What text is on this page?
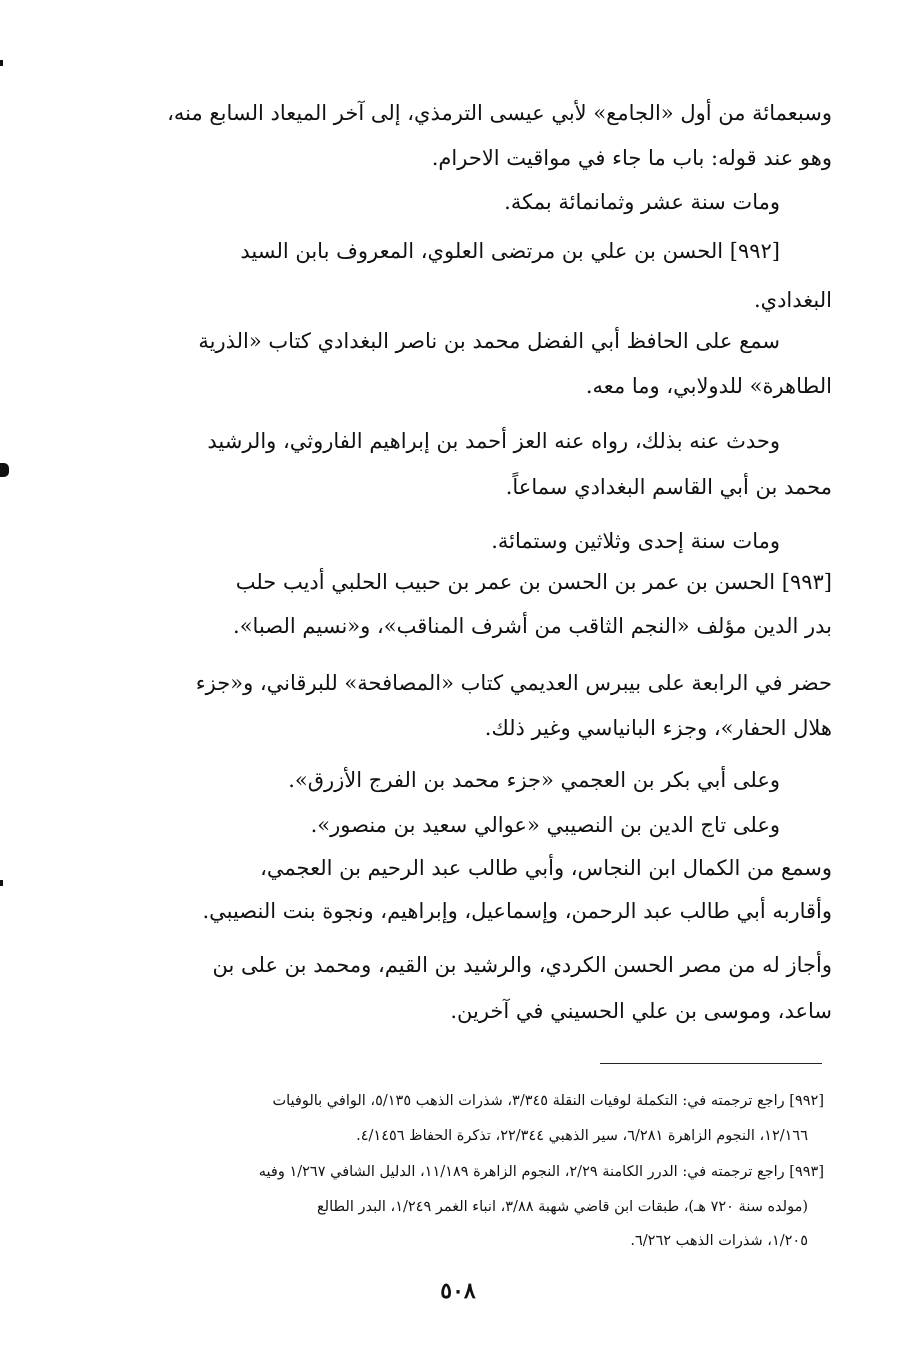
وسبعمائة من أول «الجامع» لأبي عيسى الترمذي، إلى آخر الميعاد السابع منه،
وهو عند قوله: باب ما جاء في مواقيت الاحرام.
ومات سنة عشر وثمانمائة بمكة.
[٩٩٢] الحسن بن علي بن مرتضى العلوي، المعروف بابن السيد
البغدادي.
سمع على الحافظ أبي الفضل محمد بن ناصر البغدادي كتاب «الذرية
الطاهرة» للدولابي، وما معه.
وحدث عنه بذلك، رواه عنه العز أحمد بن إبراهيم الفاروثي، والرشيد
محمد بن أبي القاسم البغدادي سماعاً.
ومات سنة إحدى وثلاثين وستمائة.
[٩٩٣] الحسن بن عمر بن الحسن بن عمر بن حبيب الحلبي أديب حلب
بدر الدين مؤلف «النجم الثاقب من أشرف المناقب»، و«نسيم الصبا».
حضر في الرابعة على بيبرس العديمي كتاب «المصافحة» للبرقاني، و«جزء
هلال الحفار»، وجزء البانياسي وغير ذلك.
وعلى أبي بكر بن العجمي «جزء محمد بن الفرج الأزرق».
وعلى تاج الدين بن النصيبي «عوالي سعيد بن منصور».
وسمع من الكمال ابن النجاس، وأبي طالب عبد الرحيم بن العجمي،
وأقاربه أبي طالب عبد الرحمن، وإسماعيل، وإبراهيم، ونجوة بنت النصيبي.
وأجاز له من مصر الحسن الكردي، والرشيد بن القيم، ومحمد بن على بن
ساعد، وموسى بن علي الحسيني في آخرين.
[٩٩٢] راجع ترجمته في: التكملة لوفيات النقلة ٣/٣٤٥، شذرات الذهب ٥/١٣٥، الوافي بالوفيات
١٢/١٦٦، النجوم الزاهرة ٦/٢٨١، سير الذهبي ٢٢/٣٤٤، تذكرة الحفاظ ٤/١٤٥٦.
[٩٩٣] راجع ترجمته في: الدرر الكامنة ٢/٢٩، النجوم الزاهرة ١١/١٨٩، الدليل الشافي ١/٢٦٧ وفيه
(مولده سنة ٧٢٠ هـ)، طبقات ابن قاضي شهبة ٣/٨٨، انباء الغمر ١/٢٤٩، البدر الطالع
١/٢٠٥، شذرات الذهب ٦/٢٦٢.
٥٠٨
